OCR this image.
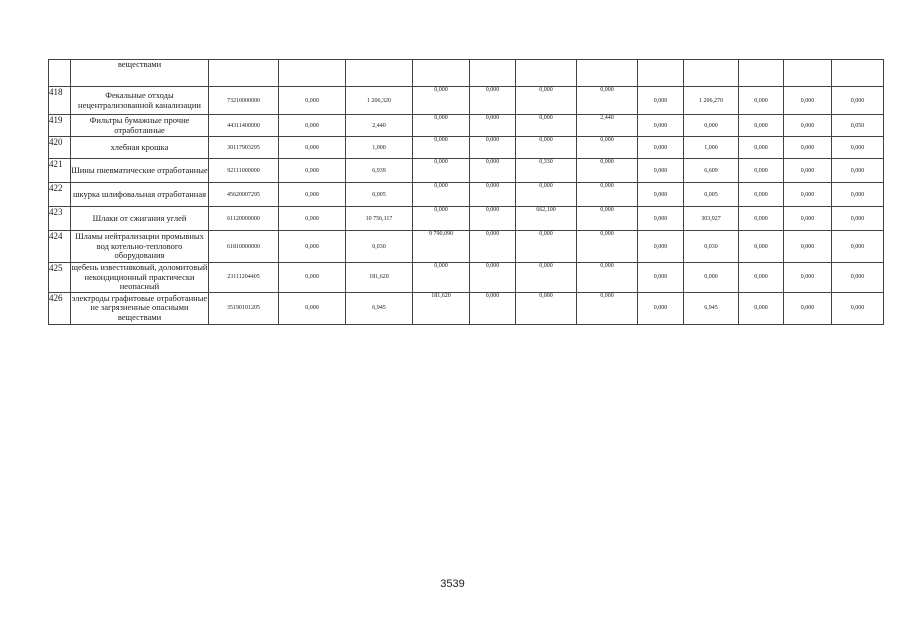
	веществами												
418	Фекальные отходы нецентрализованной канализации	73210000000	0,000	1 206,320	0,000	0,000	0,000	0,000	0,000	1 206,270	0,000	0,000	0,000
419	Фильтры бумажные прочие отработанные	44311400000	0,000	2,440	0,000	0,000	0,000	2,440	0,000	0,000	0,000	0,000	0,050
420	хлебная крошка	30117903295	0,000	1,000	0,000	0,000	0,000	0,000	0,000	1,000	0,000	0,000	0,000
421	Шины пневматические отработанные	92111000000	0,000	6,939	0,000	0,000	0,330	0,000	0,000	6,609	0,000	0,000	0,000
422	шкурка шлифовальная отработанная	45620007295	0,000	0,005	0,000	0,000	0,000	0,000	0,000	0,005	0,000	0,000	0,000
423	Шлаки от сжигания углей	61120000000	0,000	10 756,117	0,000	0,000	662,100	0,000	0,000	303,927	0,000	0,000	0,000
424	Шламы нейтрализации промывных вод котельно-теплового оборудования	61810000000	0,000	0,030	9 790,090	0,000	0,000	0,000	0,000	0,030	0,000	0,000	0,000
425	щебень известняковый, доломитовый некондиционный практически неопасный	23111204405	0,000	181,620	0,000	0,000	0,000	0,000	0,000	0,000	0,000	0,000	0,000
426	электроды графитовые отработанные не загрязненные опасными веществами	35190101205	0,000	6,945	181,620	0,000	0,000	0,000	0,000	6,945	0,000	0,000	0,000
3539
